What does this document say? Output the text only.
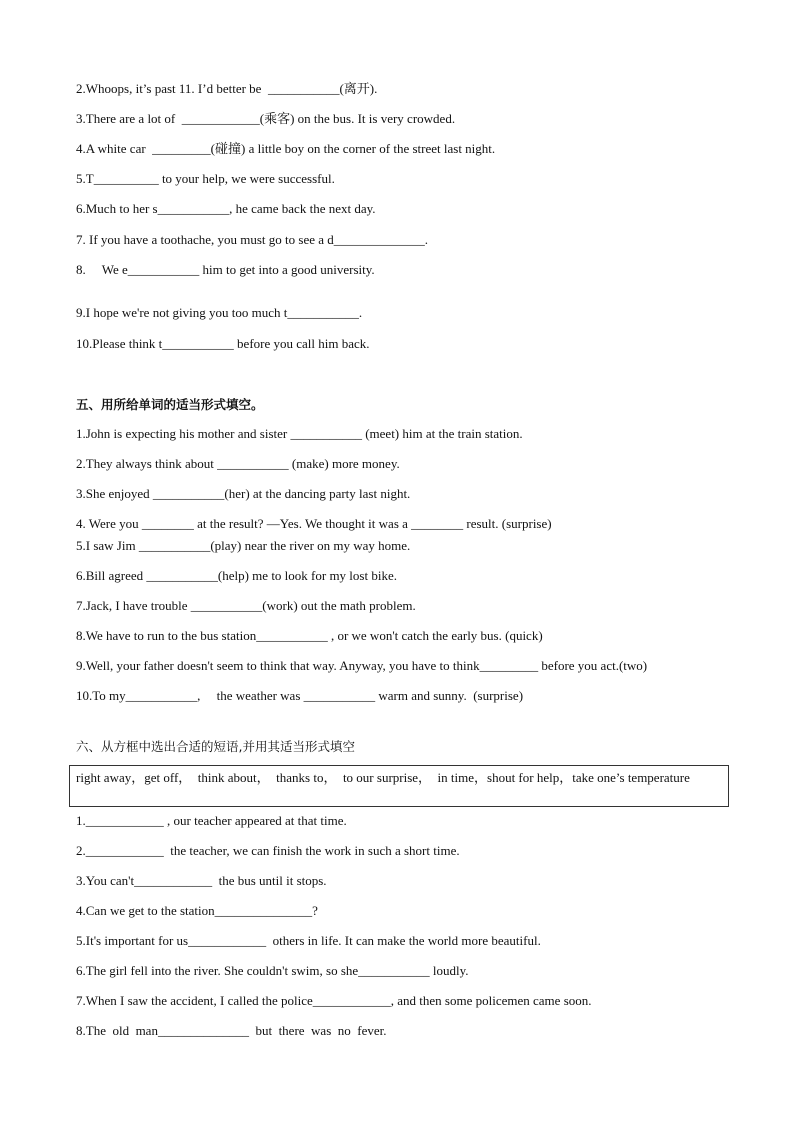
2.Whoops, it’s past 11. I’d better be  ___________(离开).
3.There are a lot of  ____________(乘客) on the bus. It is very crowded.
4.A white car  _________(碰撞) a little boy on the corner of the street last night.
5.T__________ to your help, we were successful.
6.Much to her s___________, he came back the next day.
7. If you have a toothache, you must go to see a d______________.
8.     We e___________ him to get into a good university.
9.I hope we're not giving you too much t___________.
10.Please think t___________ before you call him back.
五、用所给单词的适当形式填空。
1.John is expecting his mother and sister ___________ (meet) him at the train station.
2.They always think about ___________ (make) more money.
3.She enjoyed ___________(her) at the dancing party last night.
4. Were you ________ at the result? —Yes. We thought it was a ________ result. (surprise)
5.I saw Jim ___________(play) near the river on my way home.
6.Bill agreed ___________(help) me to look for my lost bike.
7.Jack, I have trouble ___________(work) out the math problem.
8.We have to run to the bus station___________ , or we won't catch the early bus. (quick)
9.Well, your father doesn't seem to think that way. Anyway, you have to think_________ before you act.(two)
10.To my___________,     the weather was ___________ warm and sunny.  (surprise)
六、从方框中选出合适的短语,并用其适当形式填空
right away，get off，  think about，  thanks to，  to our surprise，  in time，shout for help，take one’s temperature
1.____________ , our teacher appeared at that time.
2.____________  the teacher, we can finish the work in such a short time.
3.You can't____________  the bus until it stops.
4.Can we get to the station_______________?
5.It's important for us____________  others in life. It can make the world more beautiful.
6.The girl fell into the river. She couldn't swim, so she___________ loudly.
7.When I saw the accident, I called the police____________, and then some policemen came soon.
8.The  old  man______________  but  there  was  no  fever.
